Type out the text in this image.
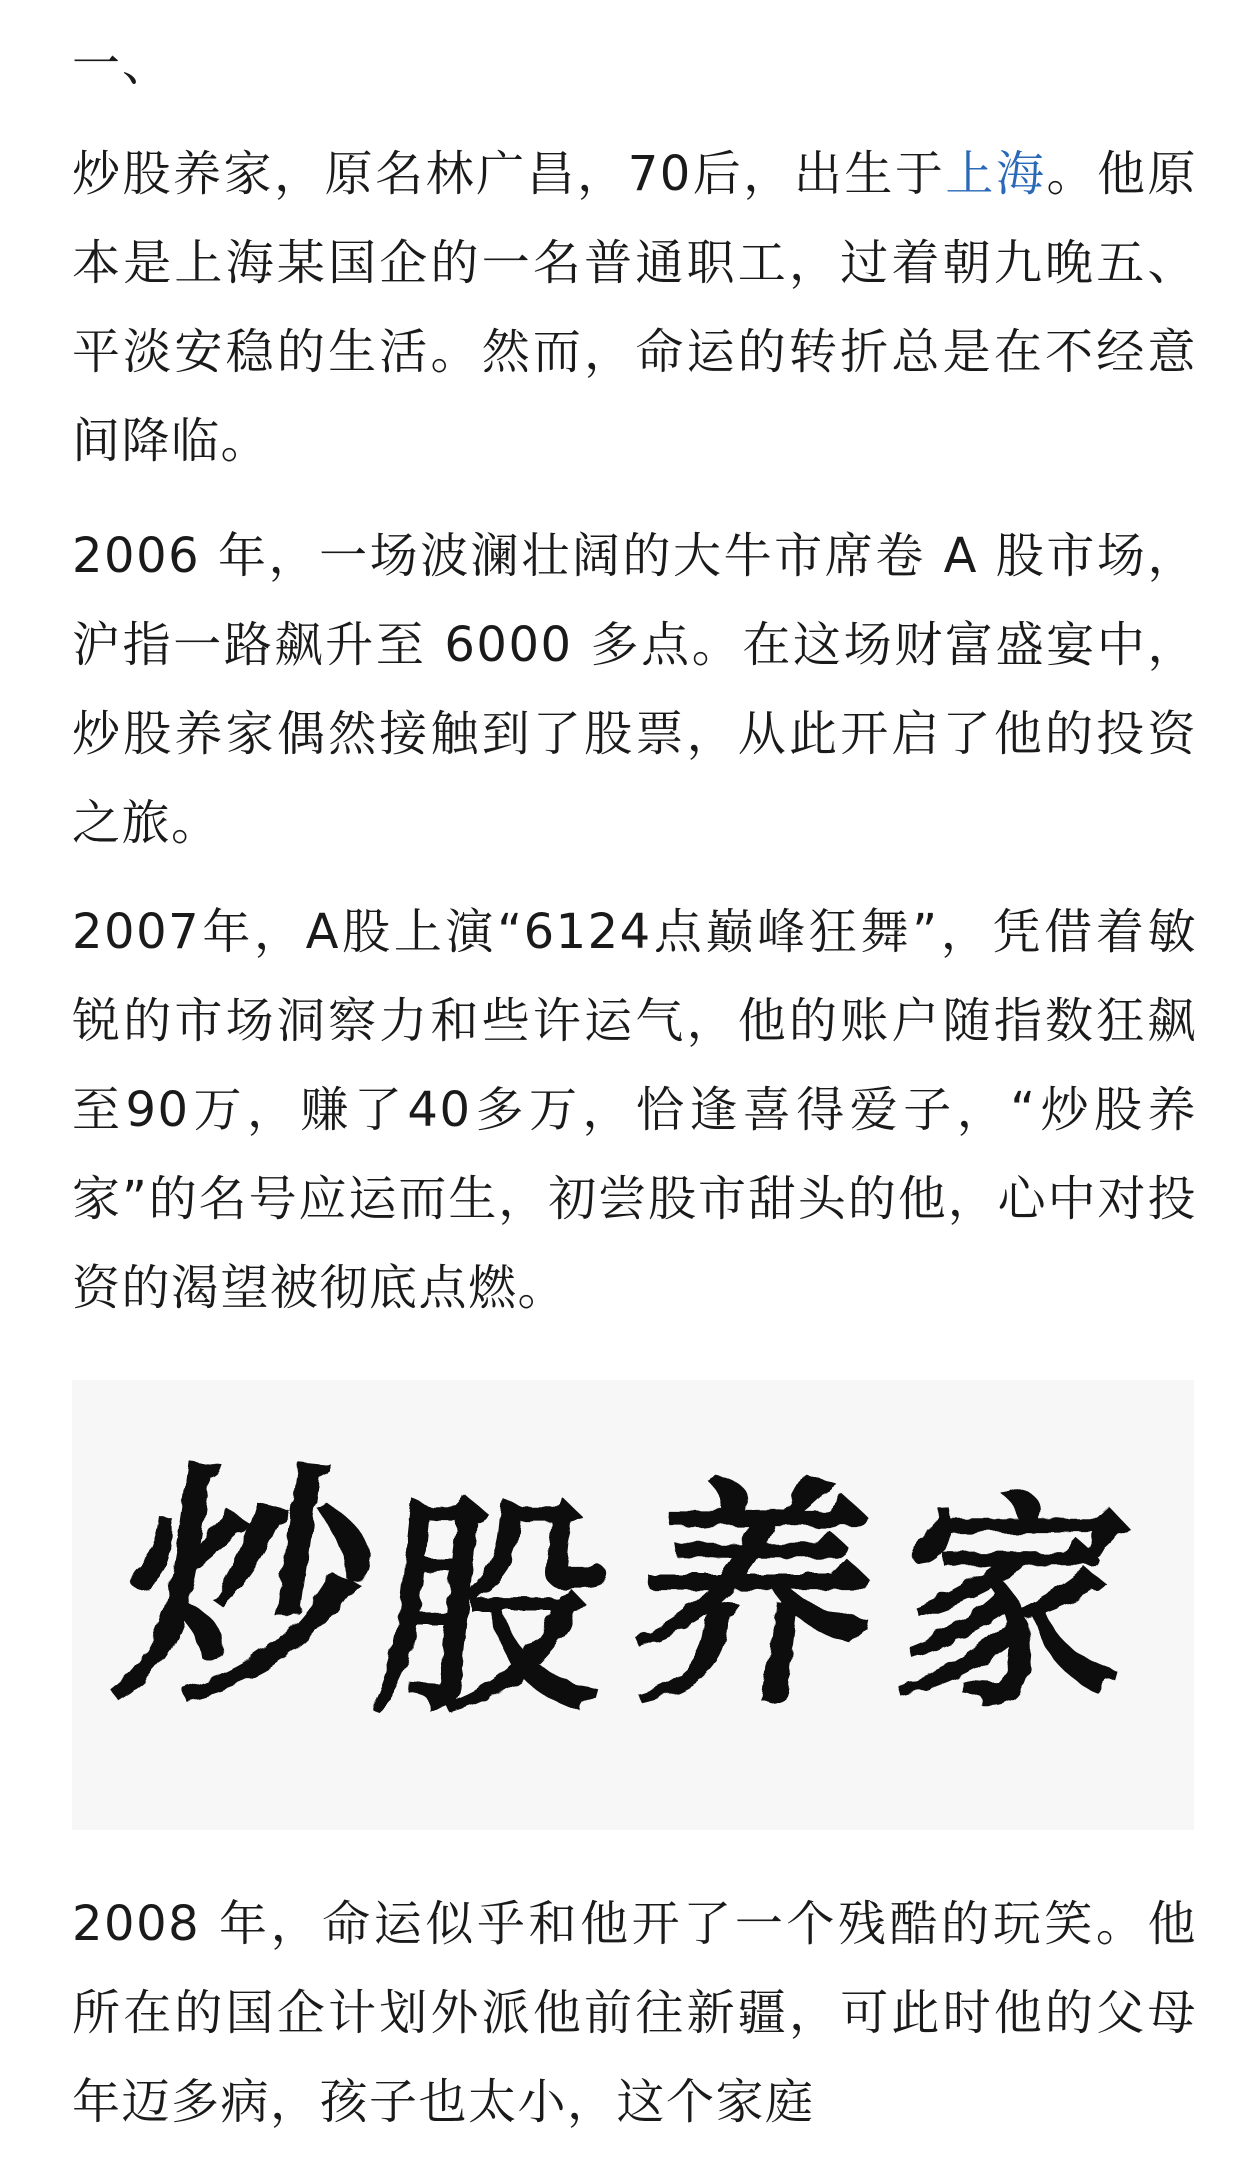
一、

炒股养家，原名林广昌，70后，出生于上海。他原本是上海某国企的一名普通职工，过着朝九晚五、平淡安稳的生活。然而，命运的转折总是在不经意间降临。

2006 年，一场波澜壮阔的大牛市席卷 A 股市场，沪指一路飙升至 6000 多点。在这场财富盛宴中，炒股养家偶然接触到了股票，从此开启了他的投资之旅。

2007年，A股上演“6124点巅峰狂舞”，凭借着敏锐的市场洞察力和些许运气，他的账户随指数狂飙至90万，赚了40多万，恰逢喜得爱子，“炒股养家”的名号应运而生，初尝股市甜头的他，心中对投资的渴望被彻底点燃。

炒
股
养
家

2008 年，命运似乎和他开了一个残酷的玩笑。他所在的国企计划外派他前往新疆，可此时他的父母年迈多病，孩子也太小，这个家庭
